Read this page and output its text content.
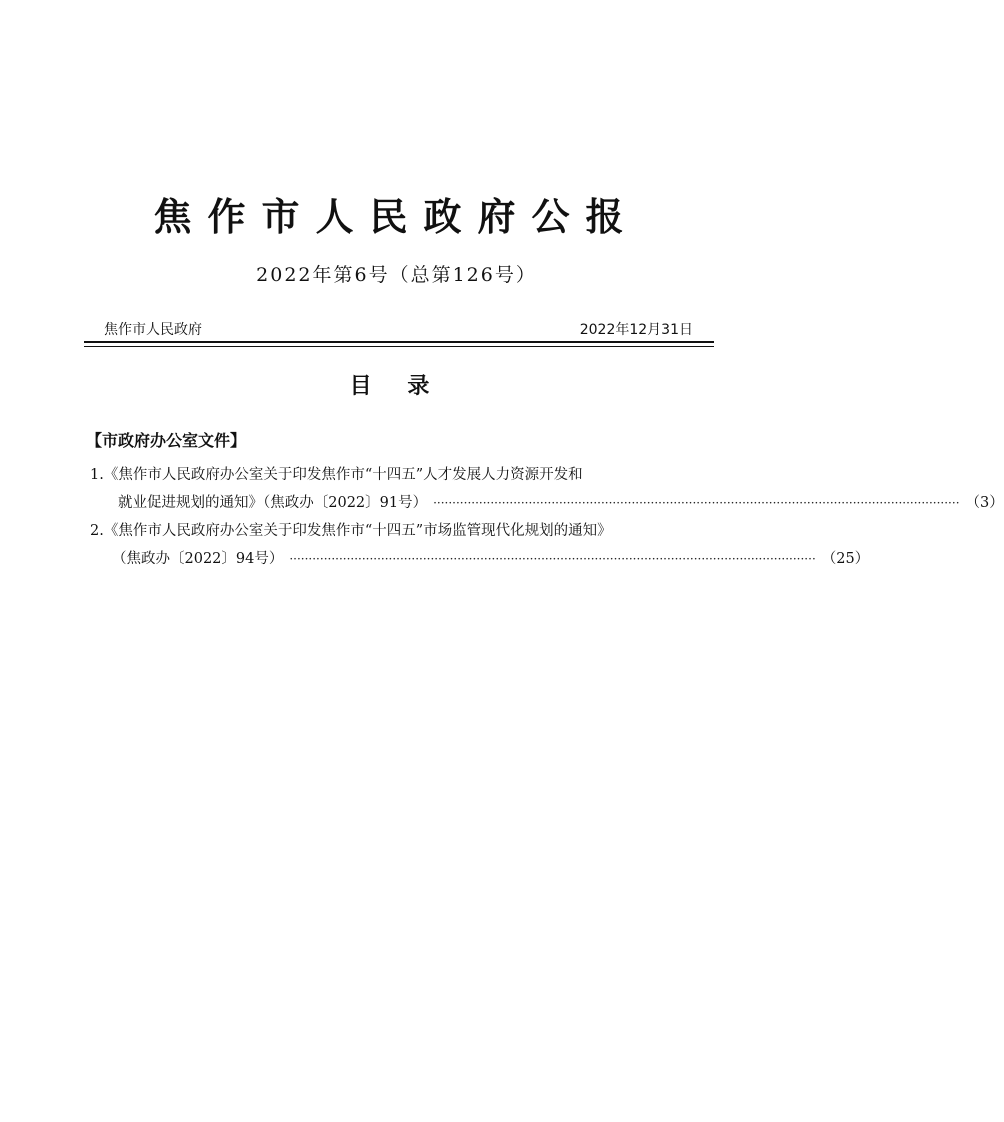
焦作市人民政府公报
2022年第6号（总第126号）
焦作市人民政府	2022年12月31日
目 录
【市政府办公室文件】
1.《焦作市人民政府办公室关于印发焦作市“十四五”人才发展人力资源开发和
就业促进规划的通知》（焦政办〔2022〕91号） ·········································································································································· （3）
2.《焦作市人民政府办公室关于印发焦作市“十四五”市场监管现代化规划的通知》
（焦政办〔2022〕94号） ·········································································································································· （25）
